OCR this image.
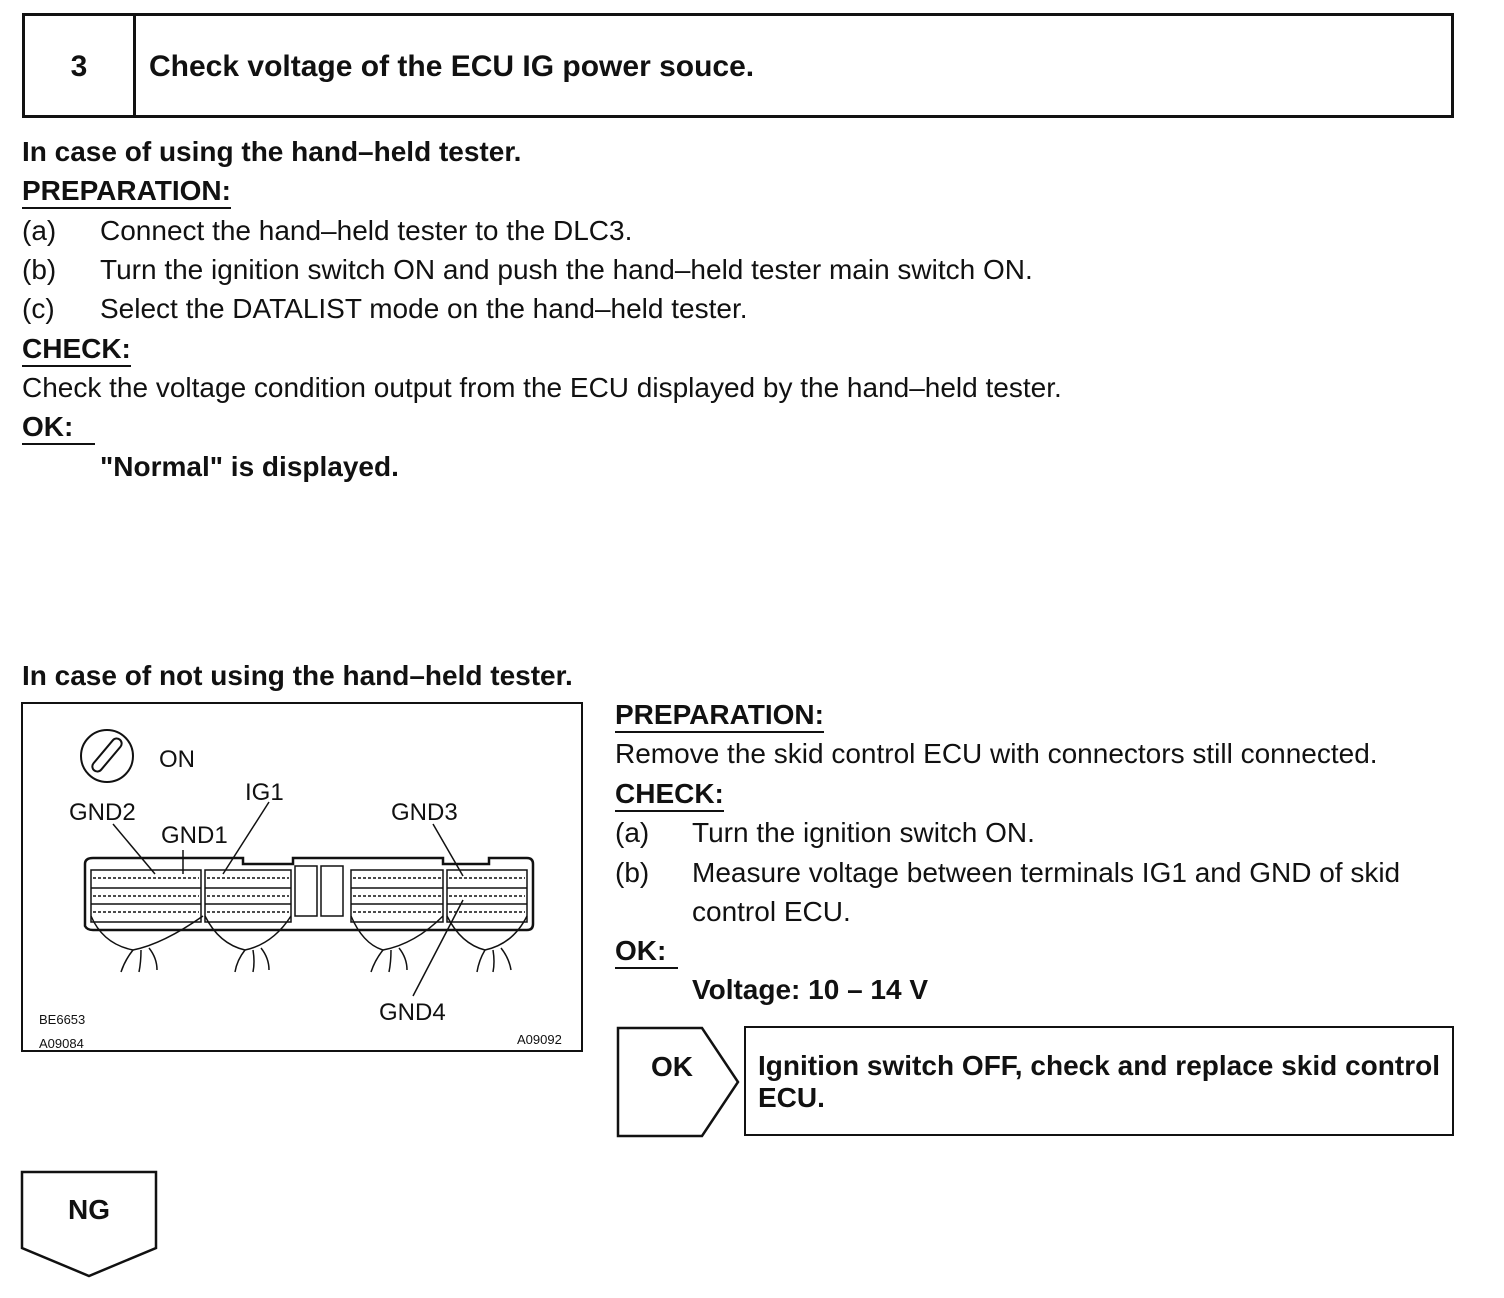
3	Check voltage of the ECU IG power souce.
In case of using the hand–held tester.
PREPARATION:
(a) Connect the hand–held tester to the DLC3.
(b) Turn the ignition switch ON and push the hand–held tester main switch ON.
(c) Select the DATALIST mode on the hand–held tester.
CHECK:
Check the voltage condition output from the ECU displayed by the hand–held tester.
OK:
"Normal" is displayed.
In case of not using the hand–held tester.
ON
IG1
GND2
GND1
GND3
GND4
BE6653
A09084	A09092
PREPARATION:
Remove the skid control ECU with connectors still connected.
CHECK:
(a) Turn the ignition switch ON.
(b) Measure voltage between terminals IG1 and GND of skid
control ECU.
OK:
Voltage: 10 – 14 V
OK	Ignition switch OFF, check and replace skid control ECU.
NG
